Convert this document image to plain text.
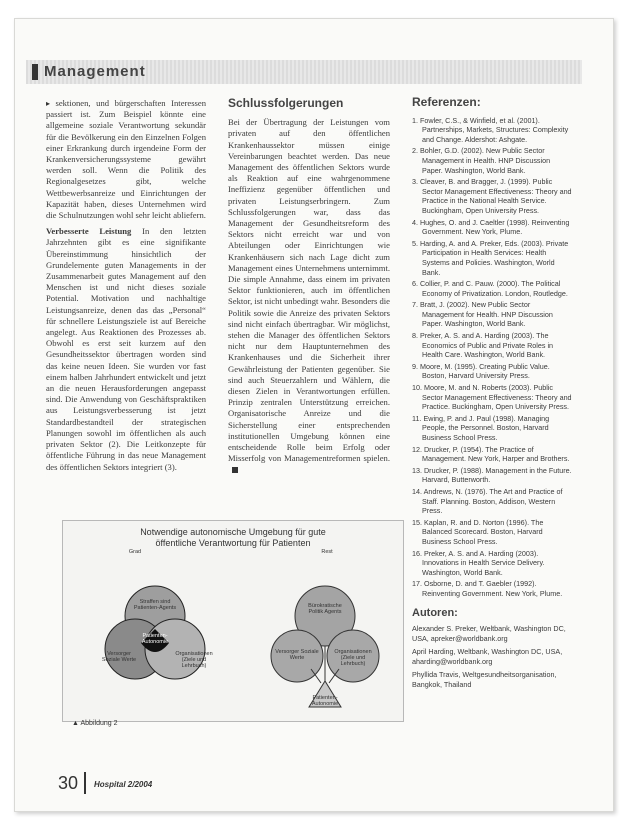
Management

▸ sektionen, und bürgerschaften Interessen passiert ist. Zum Beispiel könnte eine allgemeine soziale Verantwortung sekundär für die Bevölkerung ein den Einzelnen Folgen einer Erkrankung durch irgendeine Form der Krankenversicherungssysteme gewährt werden soll. Wenn die Politik des Regionalgesetzes gibt, welche Wettbewerbsanreize und Einrichtungen der Kapazität haben, dieses Unternehmen wird die Schulnutzungen wohl sehr leicht abliefern.

Verbesserte Leistung In den letzten Jahrzehnten gibt es eine signifikante Übereinstimmung hinsichtlich der Grundelemente guten Managements in der Zusammenarbeit gutes Management auf den Menschen ist und nicht dieses soziale Potential. Motivation und nachhaltige Leistungsanreize, denen das das „Personal“ für schnellere Leistungsziele ist auf Bereiche angelegt. Aus Reaktionen des Prozesses ab. Obwohl es erst seit kurzem auf den Gesundheitssektor übertragen worden sind das keine neuen Ideen. Sie wurden vor fast einem halben Jahrhundert entwickelt und jetzt an die neuen Herausforderungen angepasst sind. Die Anwendung von Geschäftspraktiken aus Leistungsverbesserung ist jetzt Standardbestandteil der strategischen Planungen sowohl im öffentlichen als auch privaten Sektor (2). Die Leitkonzepte für öffentliche Führung in das neue Management des öffentlichen Sektors integriert (3).

Schlussfolgerungen

Bei der Übertragung der Leistungen vom privaten auf den öffentlichen Krankenhaussektor müssen einige Vereinbarungen beachtet werden. Das neue Management des öffentlichen Sektors wurde als Reaktion auf eine wahrgenommene Ineffizienz gegenüber öffentlichen und privaten Leistungserbringern. Zum Schlussfolgerungen war, dass das Management der Gesundheitsreform des Sektors nicht erreicht war und von Abteilungen oder Einrichtungen wie Krankenhäusern sich nach Lage dicht zum Management eines Unternehmens unternimmt. Die simple Annahme, dass einem im privaten Sektor funktionieren, auch im öffentlichen Sektor, ist nicht unbedingt wahr. Besonders die Politik sowie die Anreize des privaten Sektors sind nicht einfach übertragbar. Wir möglichst, stehen die Manager des öffentlichen Sektors nicht nur dem Hauptunternehmen des Krankenhauses und die Sicherheit ihrer Gewährleistung der Patienten gegenüber. Sie sind auch Steuerzahlern und Wählern, die diesen Zielen in Verantwortungen erfüllen. Prinzip zentralen Unterstützung erreichen. Organisatorische Anreize und die Sicherstellung einer entsprechenden institutionellen Umgebung können eine entscheidende Rolle beim Erfolg oder Misserfolg von Managementreformen spielen.

Referenzen:
1. Fowler, C.S., & Winfield, et al. (2001). Partnerships, Markets, Structures: Complexity and Change. Aldershot: Ashgate.
2. Bohler, G.D. (2002). New Public Sector Management in Health. HNP Discussion Paper. Washington, World Bank.
3. Cleaver, B. and Bragger, J. (1999). Public Sector Management Effectiveness: Theory and Practice in the National Health Service. Buckingham, Open University Press.
4. Hughes, O. and J. Caeltler (1998). Reinventing Government. New York, Plume.
5. Harding, A. and A. Preker, Eds. (2003). Private Participation in Health Services: Health Systems and Policies. Washington, World Bank.
6. Collier, P. and C. Pauw. (2000). The Political Economy of Privatization. London, Routledge.
7. Bratt, J. (2002). New Public Sector Management for Health. HNP Discussion Paper. Washington, World Bank.
8. Preker, A. S. and A. Harding (2003). The Economics of Public and Private Roles in Health Care. Washington, World Bank.
9. Moore, M. (1995). Creating Public Value. Boston, Harvard University Press.
10. Moore, M. and N. Roberts (2003). Public Sector Management Effectiveness: Theory and Practice. Buckingham, Open University Press.
11. Ewing, P. and J. Paul (1998). Managing People, the Personnel. Boston, Harvard Business School Press.
12. Drucker, P. (1954). The Practice of Management. New York, Harper and Brothers.
13. Drucker, P. (1988). Management in the Future. Harvard, Butterworth.
14. Andrews, N. (1976). The Art and Practice of Staff. Planning. Boston, Addison, Western Press.
15. Kaplan, R. and D. Norton (1996). The Balanced Scorecard. Boston, Harvard Business School Press.
16. Preker, A. S. and A. Harding (2003). Innovations in Health Service Delivery. Washington, World Bank.
17. Osborne, D. and T. Gaebler (1992). Reinventing Government. New York, Plume.
Autoren:
Alexander S. Preker, Weltbank, Washington DC, USA, apreker@worldbank.org
April Harding, Weltbank, Washington DC, USA, aharding@worldbank.org
Phyllida Travis, Weltgesundheitsorganisation, Bangkok, Thailand
Notwendige autonomische Umgebung für gute
öffentliche Verantwortung für Patienten
Grad	Rest
Straffen sind Patienten-Agents
Versorger Soziale Werte
Organisationen (Ziele und Lehrbuch)
Patienten-Autonomie
Bürokratische Politik Agents
Versorger Soziale Werte
Organisationen (Ziele und Lehrbuch)
Patienten-Autonomie
▲ Abbildung 2
30 Hospital 2/2004
